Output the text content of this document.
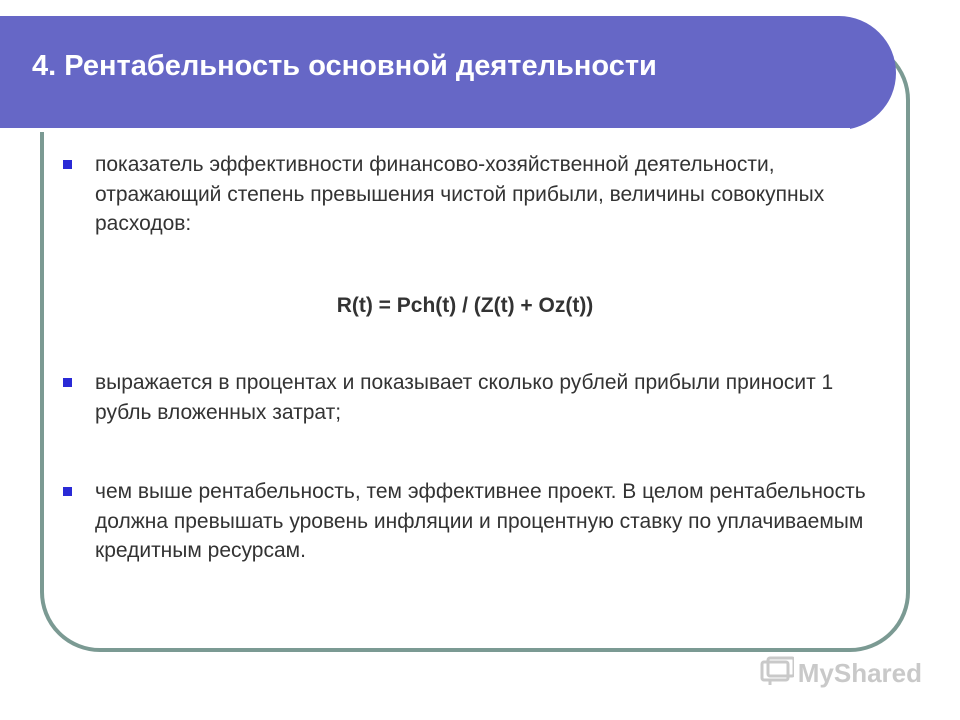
4. Рентабельность основной деятельности

показатель эффективности финансово-хозяйственной деятельности, отражающий степень превышения чистой прибыли, величины совокупных расходов:

R(t) = Pch(t) / (Z(t) + Oz(t))

выражается в процентах и показывает сколько рублей прибыли приносит 1 рубль вложенных затрат;

чем выше рентабельность, тем эффективнее проект. В целом рентабельность должна превышать уровень инфляции и процентную ставку по уплачиваемым кредитным ресурсам.

MyShared
